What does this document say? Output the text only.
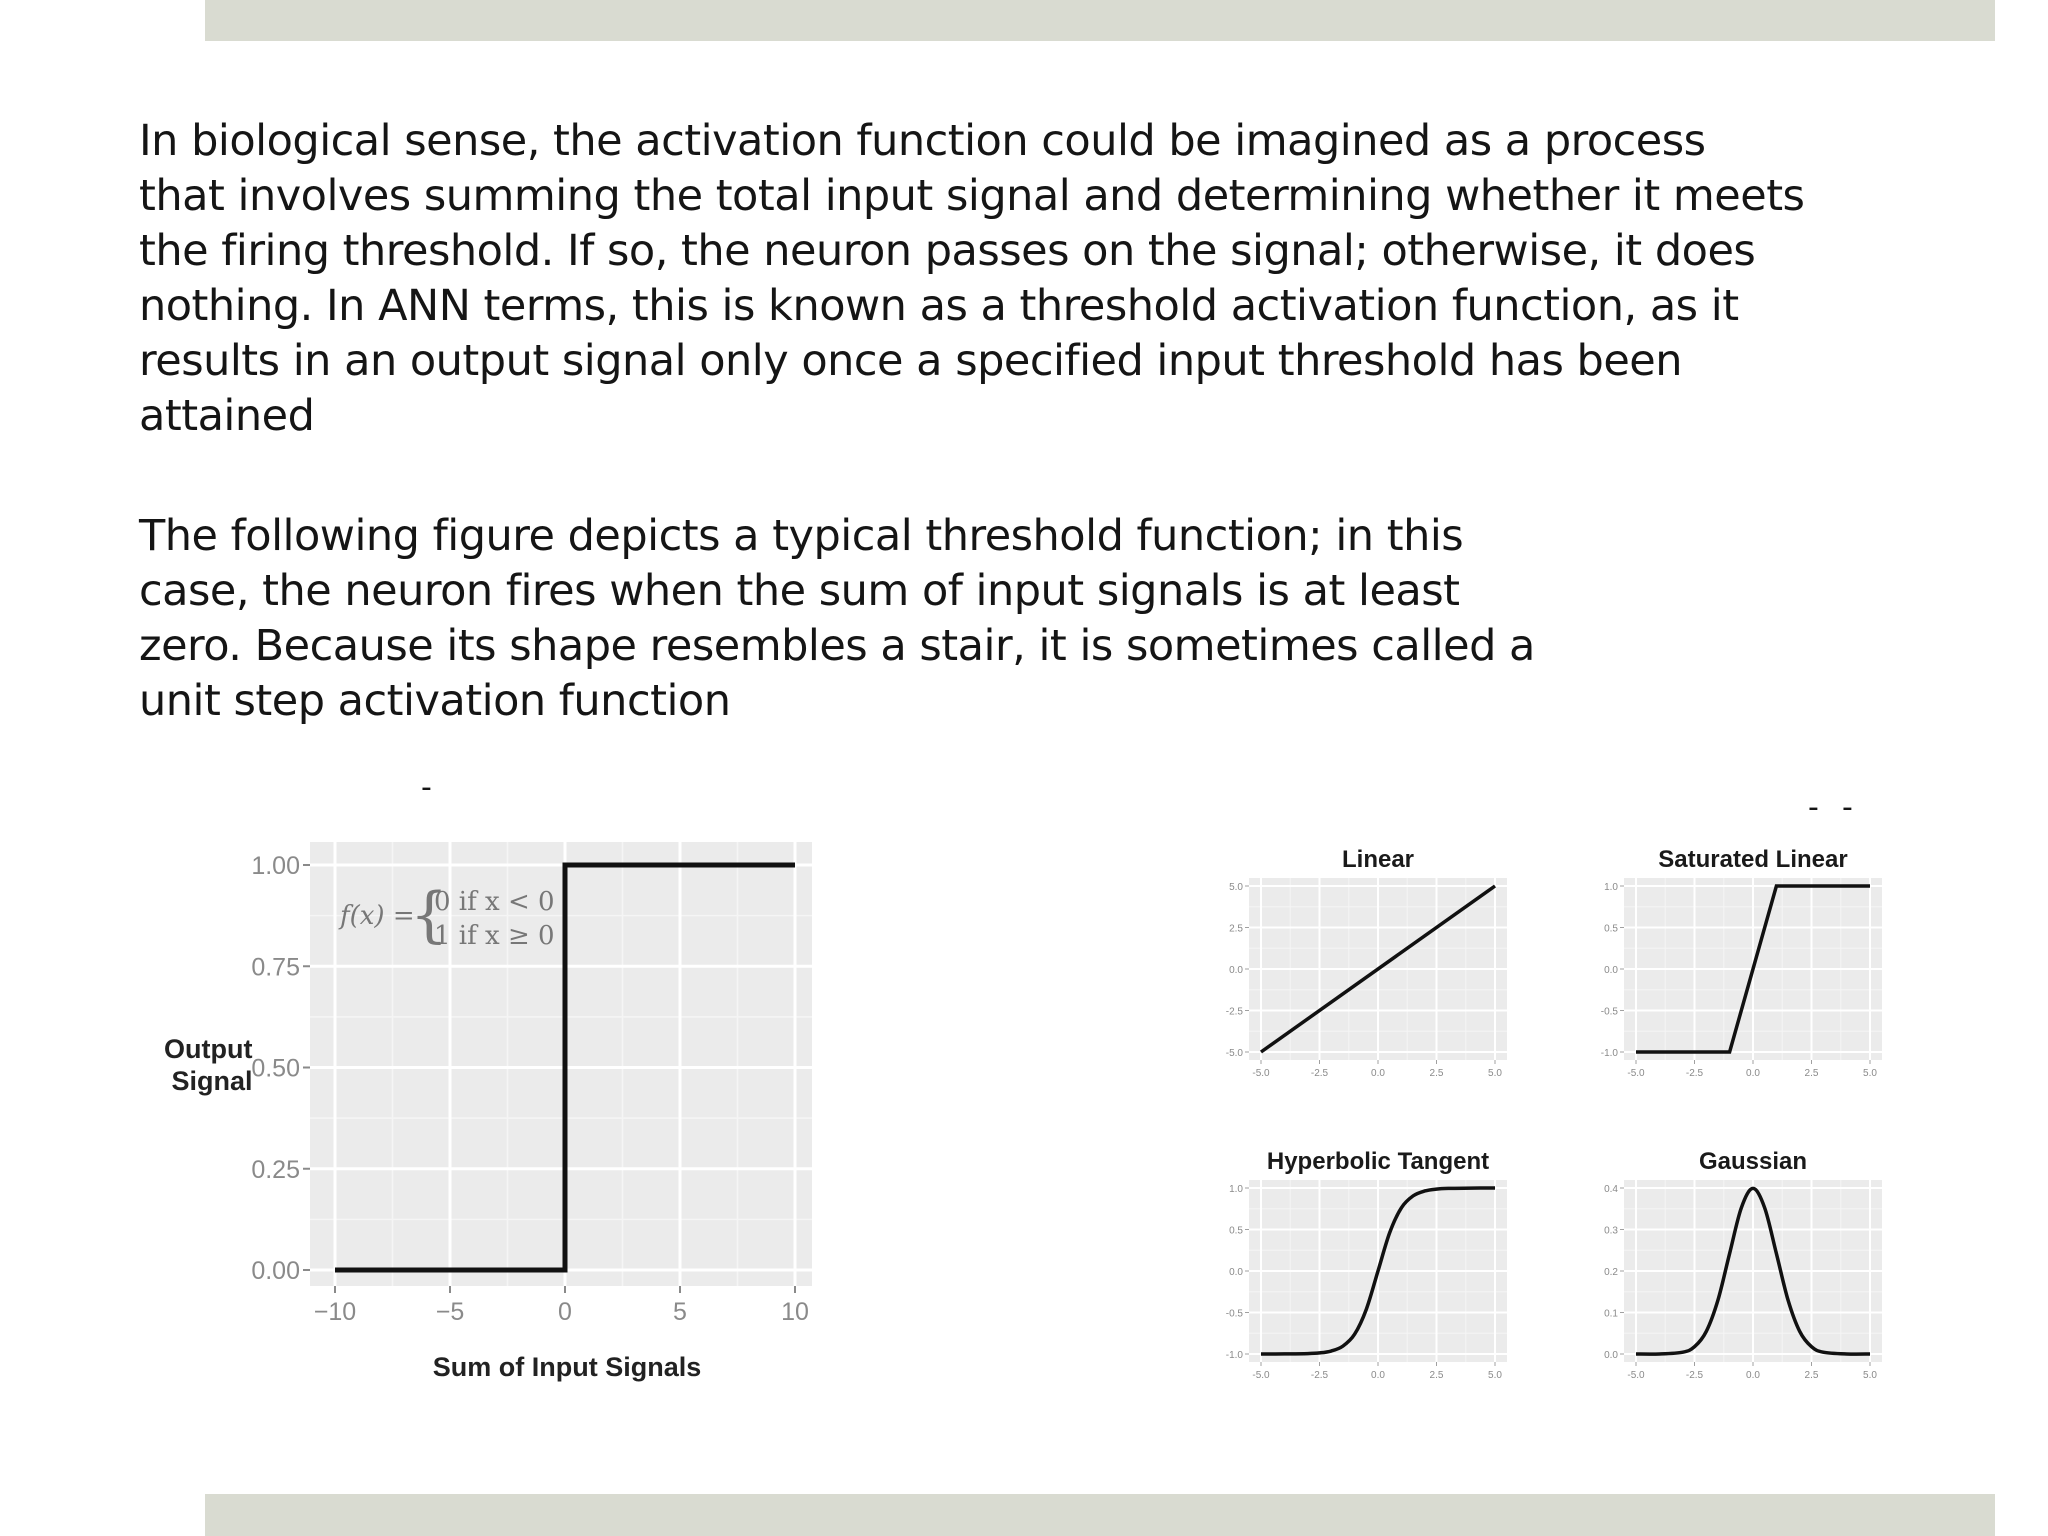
In biological sense, the activation function could be imagined as a process
that involves summing the total input signal and determining whether it meets
the firing threshold. If so, the neuron passes on the signal; otherwise, it does
nothing. In ANN terms, this is known as a threshold activation function, as it
results in an output signal only once a specified input threshold has been
attained

The following figure depicts a typical threshold function; in this
case, the neuron fires when the sum of input signals is at least
zero. Because its shape resembles a stair, it is sometimes called a
unit step activation function

-
- -
0.00
0.25
0.50
0.75
1.00
−10	−5	0	5	10
f(x) =
{
0 if x < 0
1 if x ≥ 0
Output Signal
Sum of Input Signals
Linear
-5.0
-2.5
0.0
2.5
5.0
-5.0	-2.5	0.0	2.5	5.0
Saturated Linear
-1.0
-0.5
0.0
0.5
1.0
-5.0	-2.5	0.0	2.5	5.0
Hyperbolic Tangent
-1.0
-0.5
0.0
0.5
1.0
-5.0	-2.5	0.0	2.5	5.0
Gaussian
0.0
0.1
0.2
0.3
0.4
-5.0	-2.5	0.0	2.5	5.0
